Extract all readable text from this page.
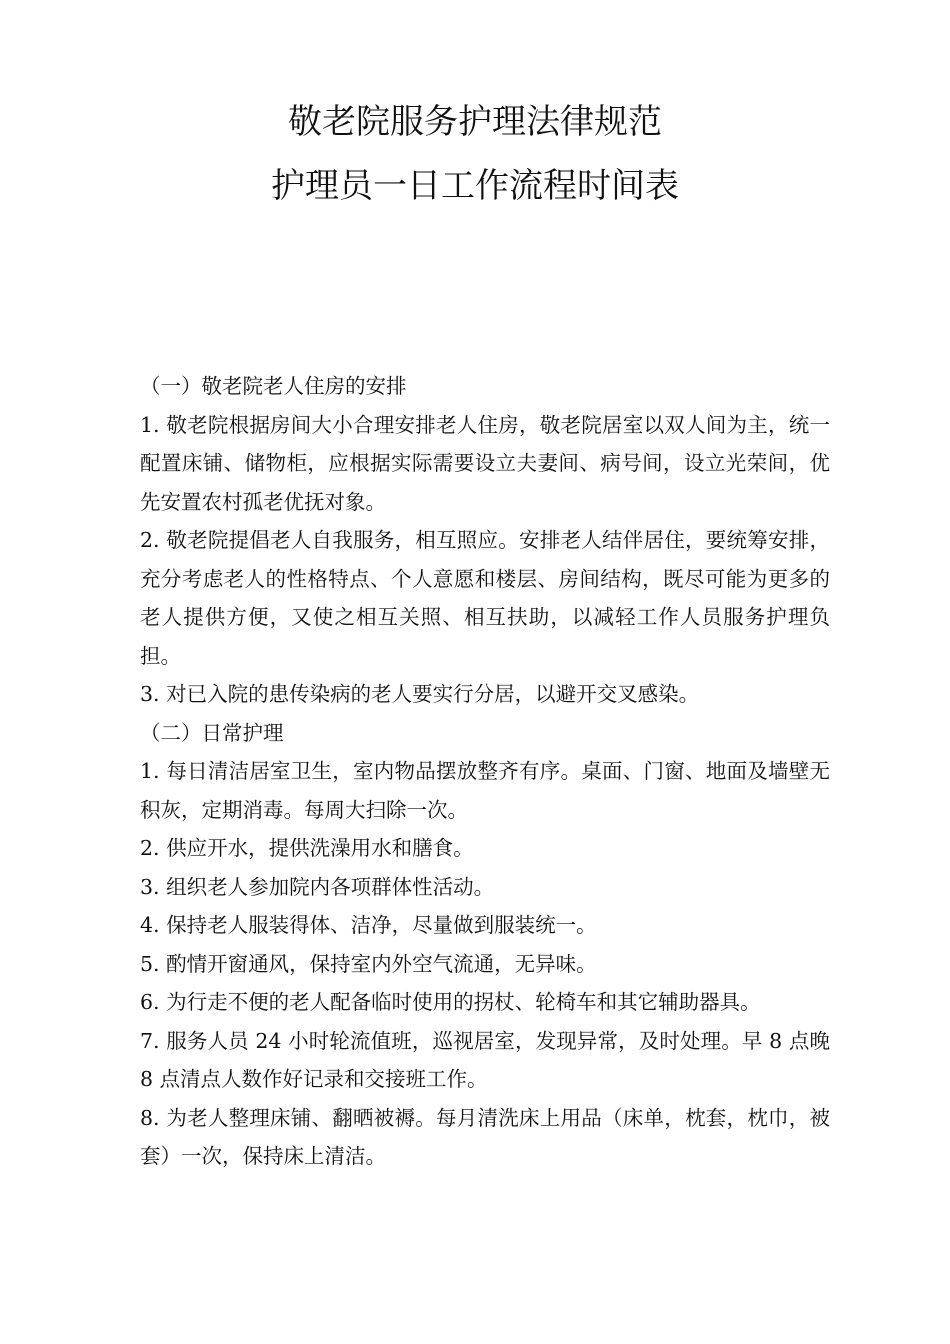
敬老院服务护理法律规范
护理员一日工作流程时间表

（一）敬老院老人住房的安排

1. 敬老院根据房间大小合理安排老人住房，敬老院居室以双人间为主，统一配置床铺、储物柜，应根据实际需要设立夫妻间、病号间，设立光荣间，优先安置农村孤老优抚对象。

2. 敬老院提倡老人自我服务，相互照应。安排老人结伴居住，要统筹安排，充分考虑老人的性格特点、个人意愿和楼层、房间结构，既尽可能为更多的老人提供方便，又使之相互关照、相互扶助，以减轻工作人员服务护理负担。

3. 对已入院的患传染病的老人要实行分居，以避开交叉感染。

（二）日常护理

1. 每日清洁居室卫生，室内物品摆放整齐有序。桌面、门窗、地面及墙壁无积灰，定期消毒。每周大扫除一次。

2. 供应开水，提供洗澡用水和膳食。

3. 组织老人参加院内各项群体性活动。

4. 保持老人服装得体、洁净，尽量做到服装统一。

5. 酌情开窗通风，保持室内外空气流通，无异味。

6. 为行走不便的老人配备临时使用的拐杖、轮椅车和其它辅助器具。

7. 服务人员 24 小时轮流值班，巡视居室，发现异常，及时处理。早 8 点晚 8 点清点人数作好记录和交接班工作。

8. 为老人整理床铺、翻晒被褥。每月清洗床上用品（床单，枕套，枕巾，被套）一次，保持床上清洁。
